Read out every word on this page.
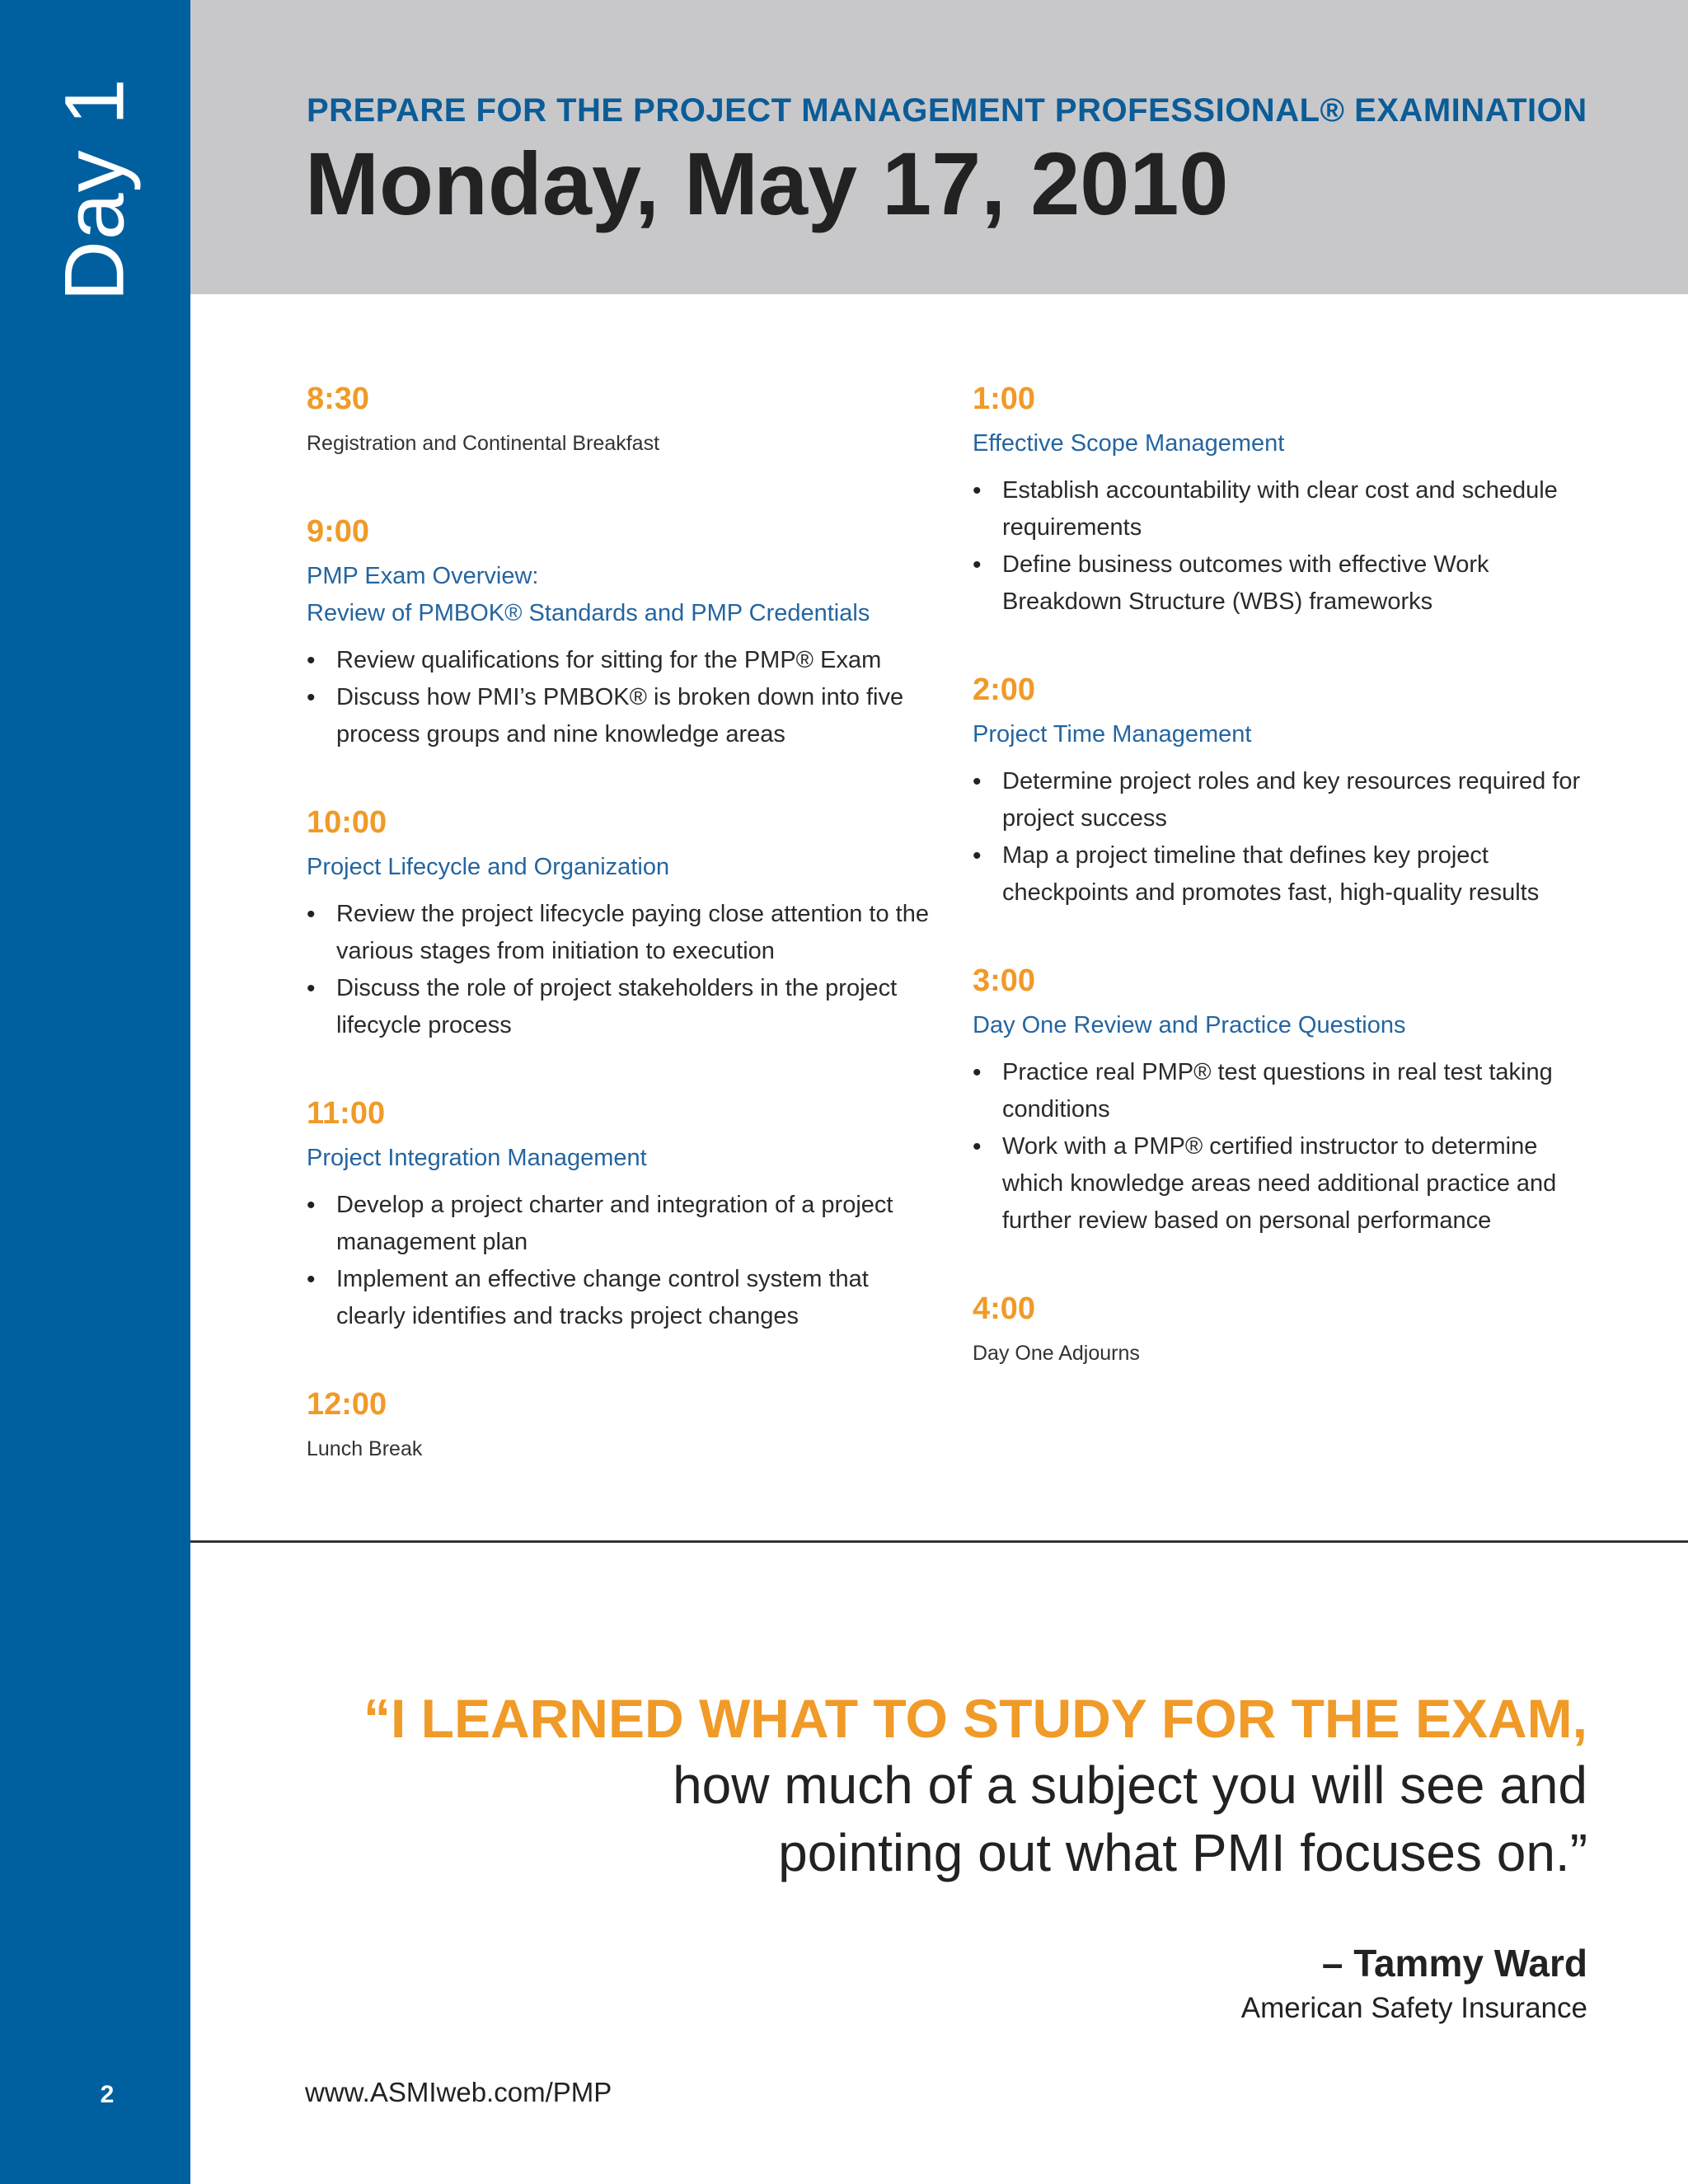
Day 1
2
PREPARE FOR THE PROJECT MANAGEMENT PROFESSIONAL® EXAMINATION
Monday, May 17, 2010
8:30
Registration and Continental Breakfast
9:00
PMP Exam Overview:
Review of PMBOK® Standards and PMP Credentials
• Review qualifications for sitting for the PMP® Exam
• Discuss how PMI’s PMBOK® is broken down into five process groups and nine knowledge areas
10:00
Project Lifecycle and Organization
• Review the project lifecycle paying close attention to the various stages from initiation to execution
• Discuss the role of project stakeholders in the project lifecycle process
11:00
Project Integration Management
• Develop a project charter and integration of a project management plan
• Implement an effective change control system that clearly identifies and tracks project changes
12:00
Lunch Break
1:00
Effective Scope Management
• Establish accountability with clear cost and schedule requirements
• Define business outcomes with effective Work Breakdown Structure (WBS) frameworks
2:00
Project Time Management
• Determine project roles and key resources required for project success
• Map a project timeline that defines key project checkpoints and promotes fast, high-quality results
3:00
Day One Review and Practice Questions
• Practice real PMP® test questions in real test taking conditions
• Work with a PMP® certified instructor to determine which knowledge areas need additional practice and further review based on personal performance
4:00
Day One Adjourns
“I LEARNED WHAT TO STUDY FOR THE EXAM,
how much of a subject you will see and
pointing out what PMI focuses on.”
– Tammy Ward
American Safety Insurance
www.ASMIweb.com/PMP
